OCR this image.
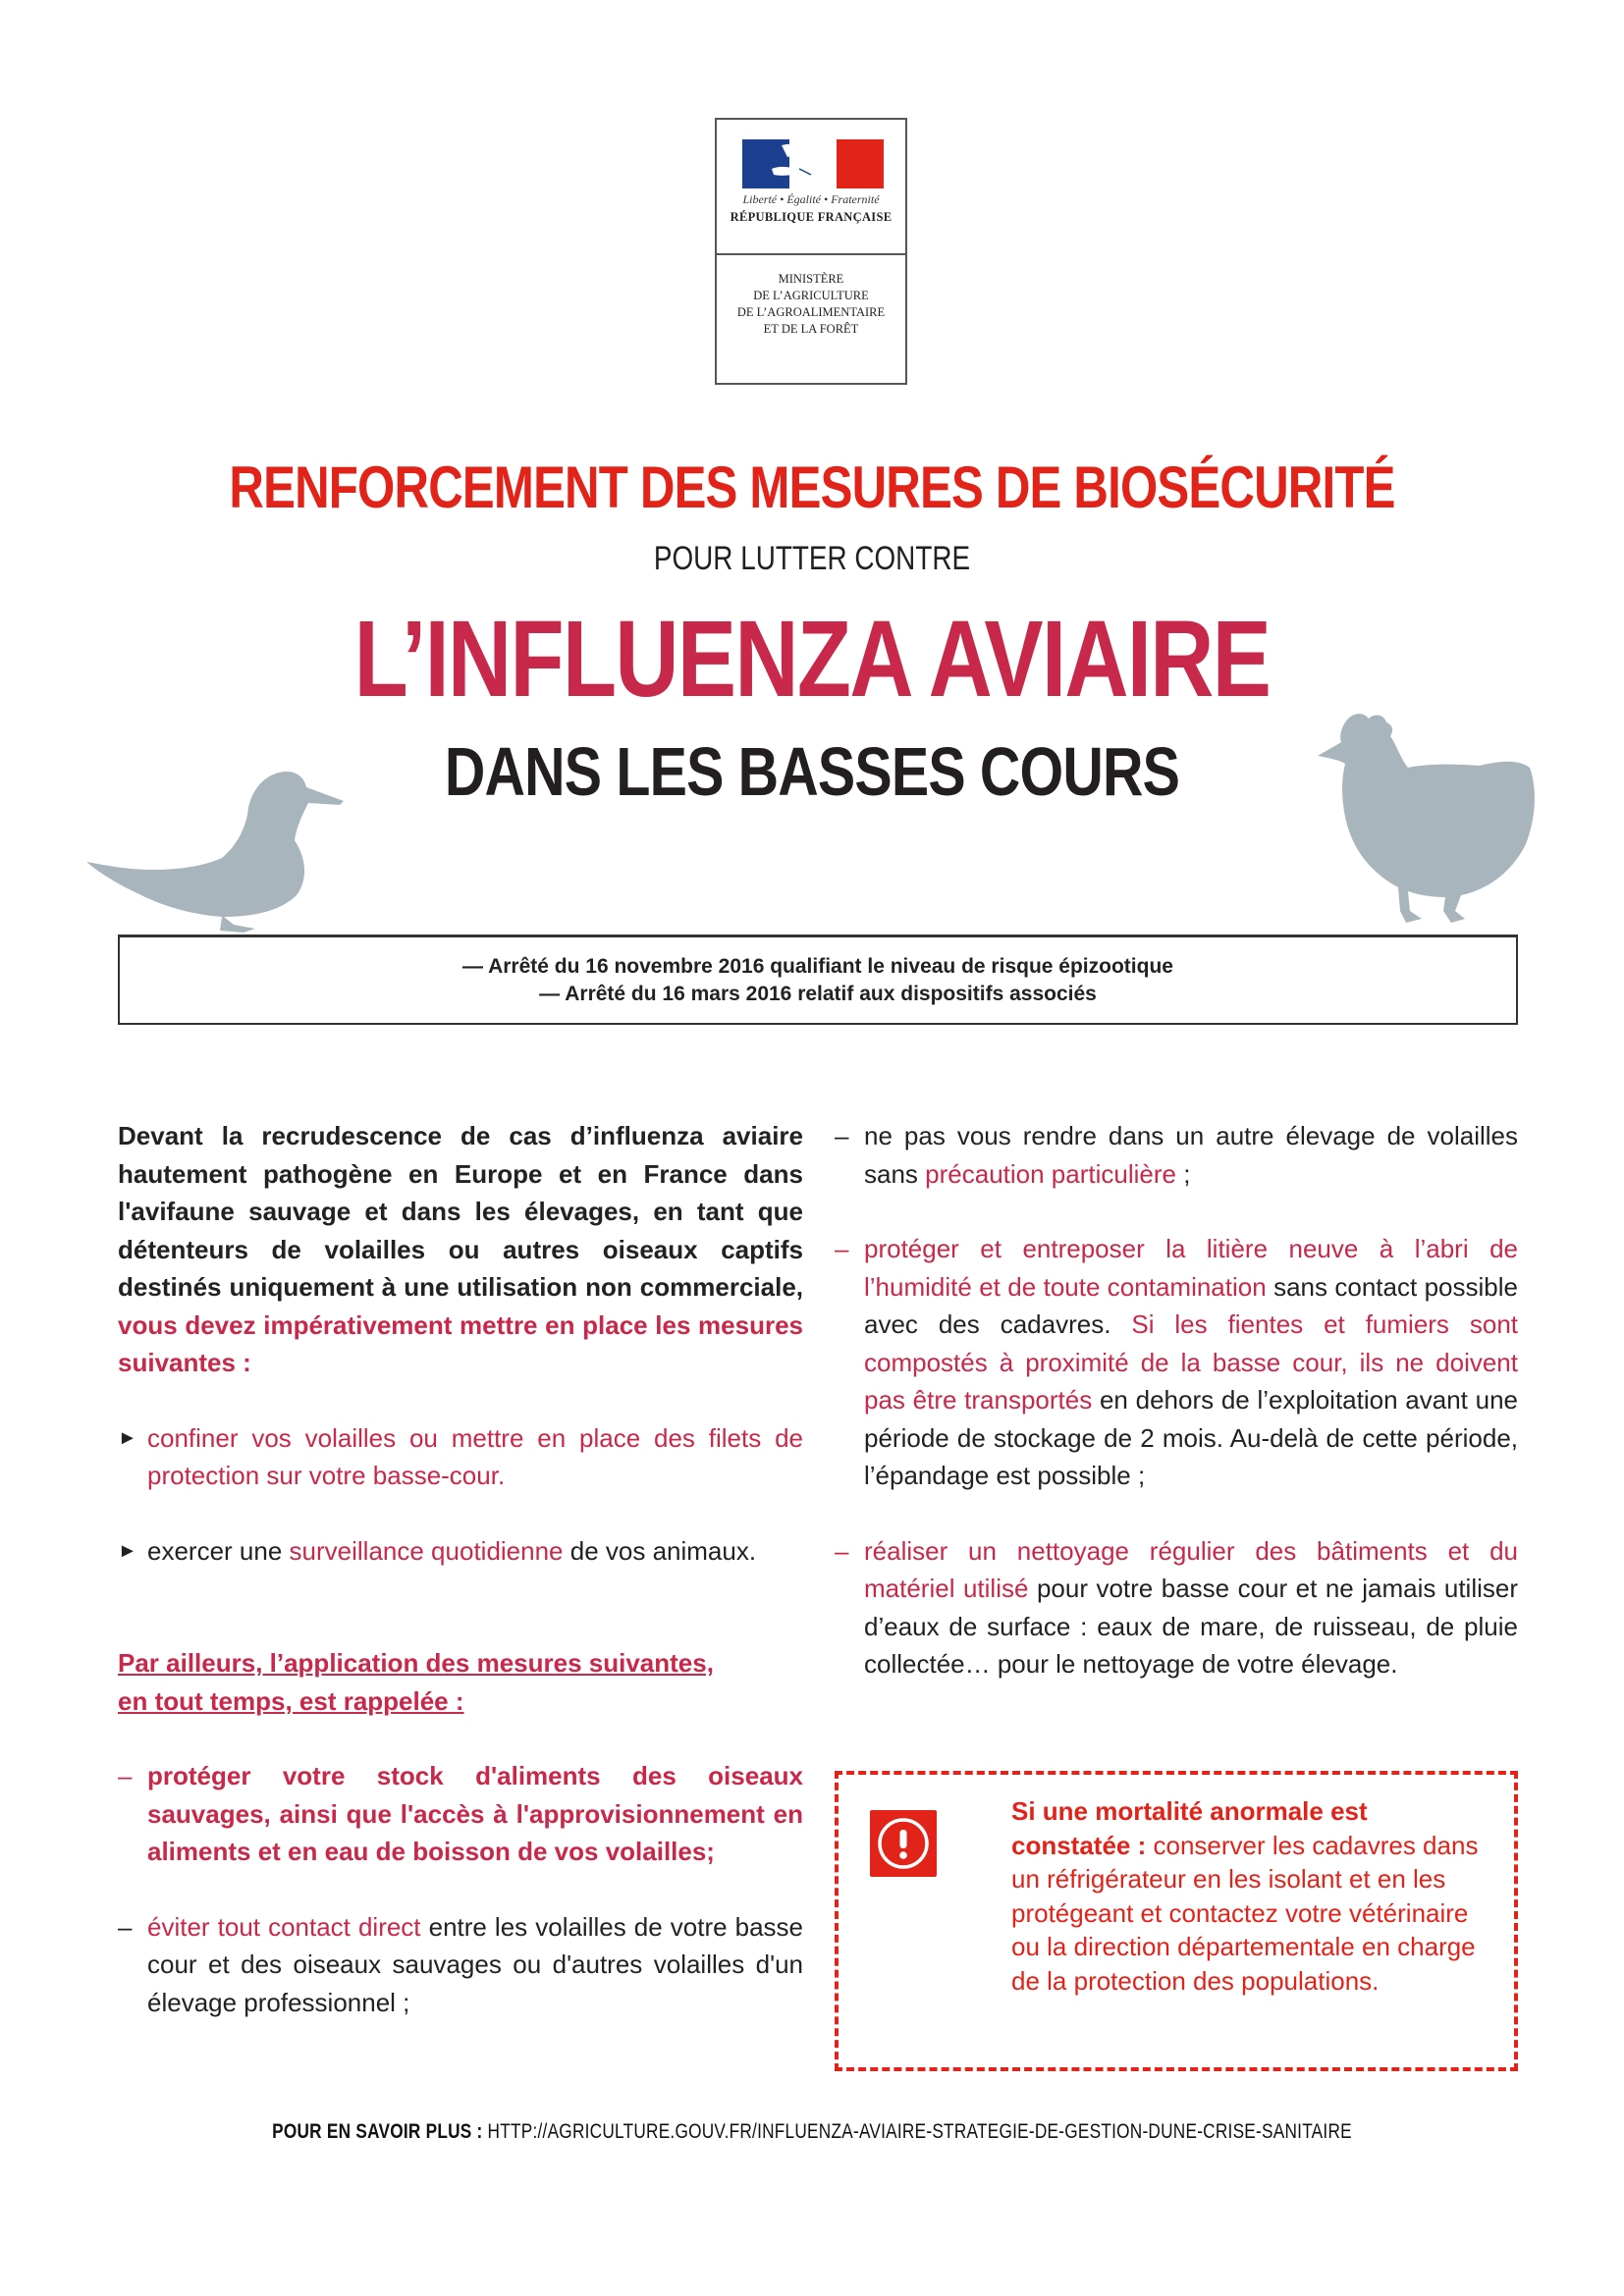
Liberté • Égalité • Fraternité
RÉPUBLIQUE FRANÇAISE
MINISTÈRE
DE L’AGRICULTURE
DE L’AGROALIMENTAIRE
ET DE LA FORÊT
RENFORCEMENT DES MESURES DE BIOSÉCURITÉ
POUR LUTTER CONTRE
L’INFLUENZA AVIAIRE
DANS LES BASSES COURS
— Arrêté du 16 novembre 2016 qualifiant le niveau de risque épizootique
— Arrêté du 16 mars 2016 relatif aux dispositifs associés

Devant la recrudescence de cas d’influenza aviaire hautement pathogène en Europe et en France dans l'avifaune sauvage et dans les élevages, en tant que détenteurs de volailles ou autres oiseaux captifs destinés uniquement à une utilisation non commerciale, vous devez impérativement mettre en place les mesures suivantes :

► confiner vos volailles ou mettre en place des filets de protection sur votre basse-cour.
► exercer une surveillance quotidienne de vos animaux.
Par ailleurs, l’application des mesures suivantes,
en tout temps, est rappelée :
– protéger votre stock d'aliments des oiseaux sauvages, ainsi que l'accès à l'approvisionnement en aliments et en eau de boisson de vos volailles;
– éviter tout contact direct entre les volailles de votre basse cour et des oiseaux sauvages ou d'autres volailles d'un élevage professionnel ;
– ne pas vous rendre dans un autre élevage de volailles sans précaution particulière ;
– protéger et entreposer la litière neuve à l’abri de l’humidité et de toute contamination sans contact possible avec des cadavres. Si les fientes et fumiers sont compostés à proximité de la basse cour, ils ne doivent pas être transportés en dehors de l’exploitation avant une période de stockage de 2 mois. Au-delà de cette période, l’épandage est possible ;
– réaliser un nettoyage régulier des bâtiments et du matériel utilisé pour votre basse cour et ne jamais utiliser d’eaux de surface : eaux de mare, de ruisseau, de pluie collectée… pour le nettoyage de votre élevage.
Si une mortalité anormale est constatée : conserver les cadavres dans un réfrigérateur en les isolant et en les protégeant et contactez votre vétérinaire ou la direction départementale en charge de la protection des populations.
POUR EN SAVOIR PLUS : HTTP://AGRICULTURE.GOUV.FR/INFLUENZA-AVIAIRE-STRATEGIE-DE-GESTION-DUNE-CRISE-SANITAIRE
